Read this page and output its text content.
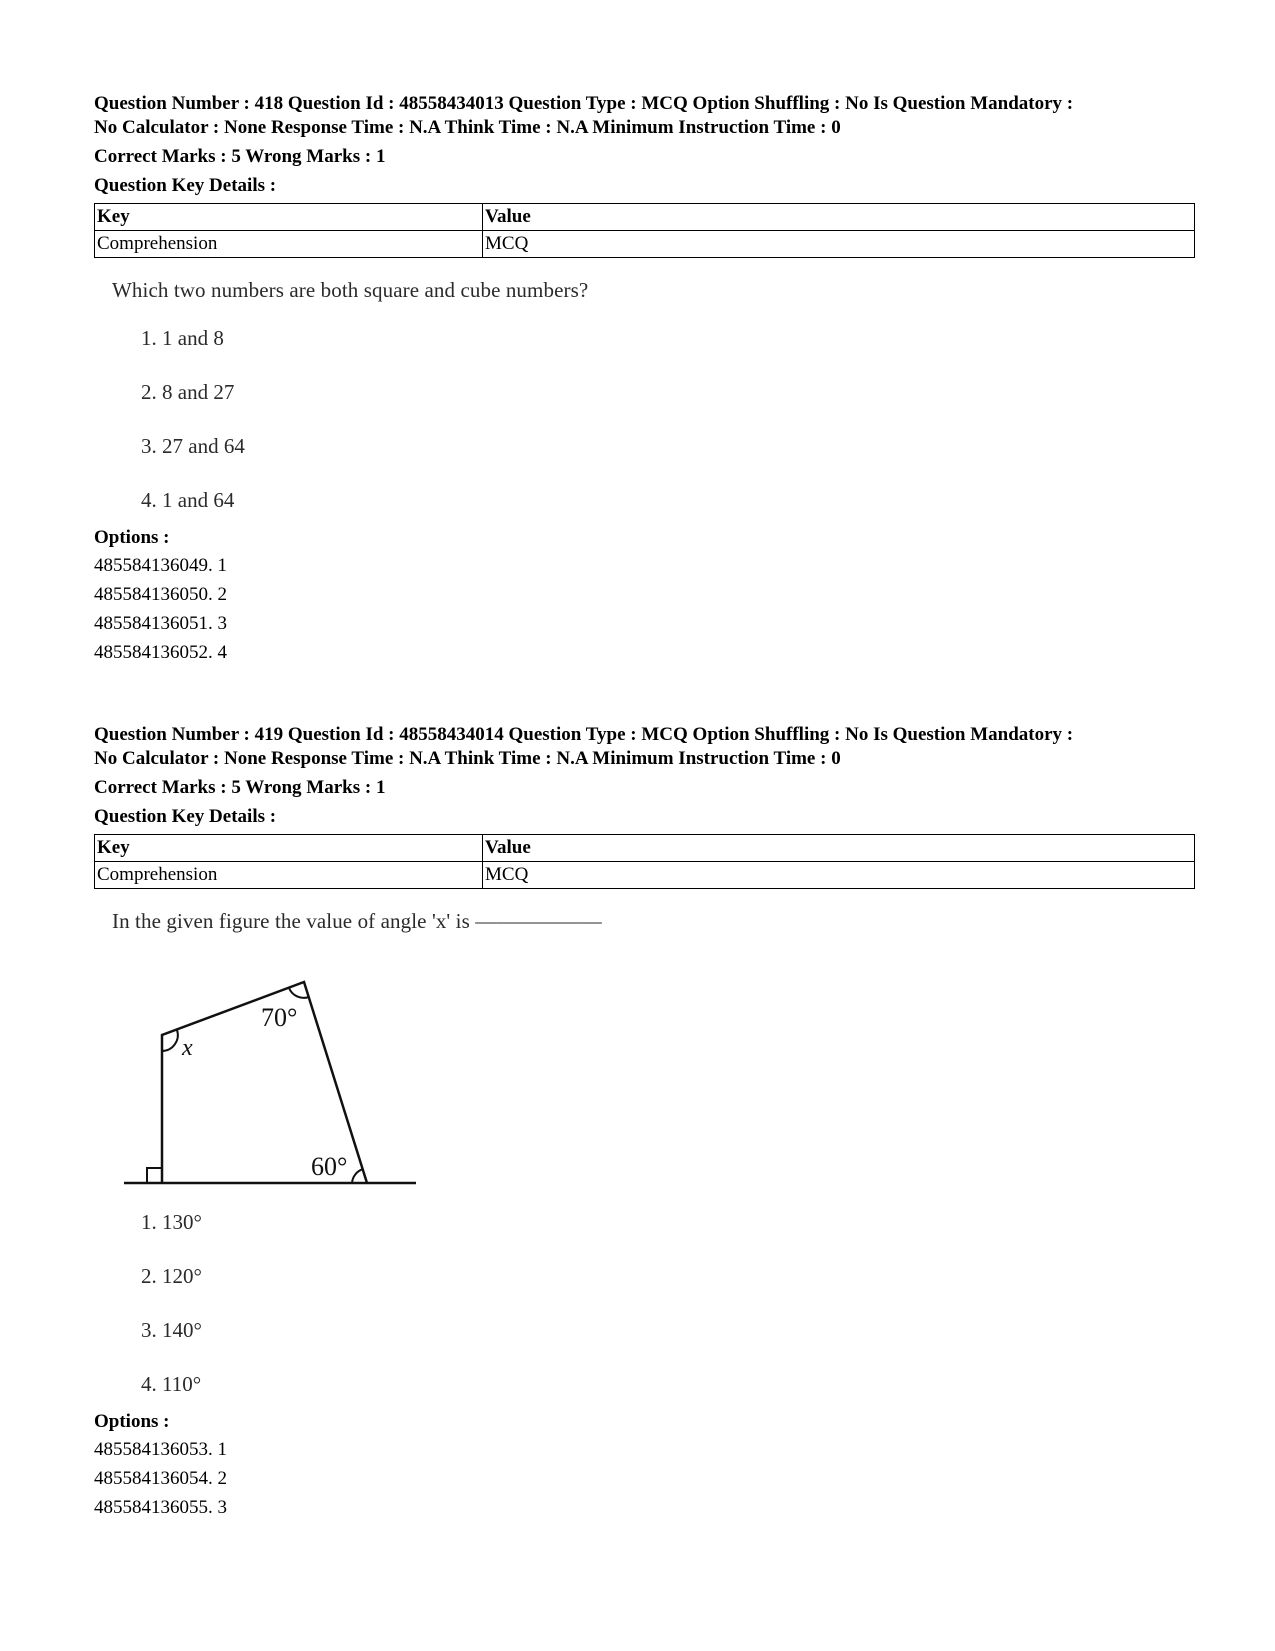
Question Number : 418 Question Id : 48558434013 Question Type : MCQ Option Shuffling : No Is Question Mandatory :
No Calculator : None Response Time : N.A Think Time : N.A Minimum Instruction Time : 0
Correct Marks : 5 Wrong Marks : 1
Question Key Details :
Key	Value
Comprehension	MCQ
Which two numbers are both square and cube numbers?
1. 1 and 8
2. 8 and 27
3. 27 and 64
4. 1 and 64
Options :
485584136049. 1
485584136050. 2
485584136051. 3
485584136052. 4
Question Number : 419 Question Id : 48558434014 Question Type : MCQ Option Shuffling : No Is Question Mandatory :
No Calculator : None Response Time : N.A Think Time : N.A Minimum Instruction Time : 0
Correct Marks : 5 Wrong Marks : 1
Question Key Details :
Key	Value
Comprehension	MCQ
In the given figure the value of angle 'x' is ——————
x
70°
60°
1. 130°
2. 120°
3. 140°
4. 110°
Options :
485584136053. 1
485584136054. 2
485584136055. 3
